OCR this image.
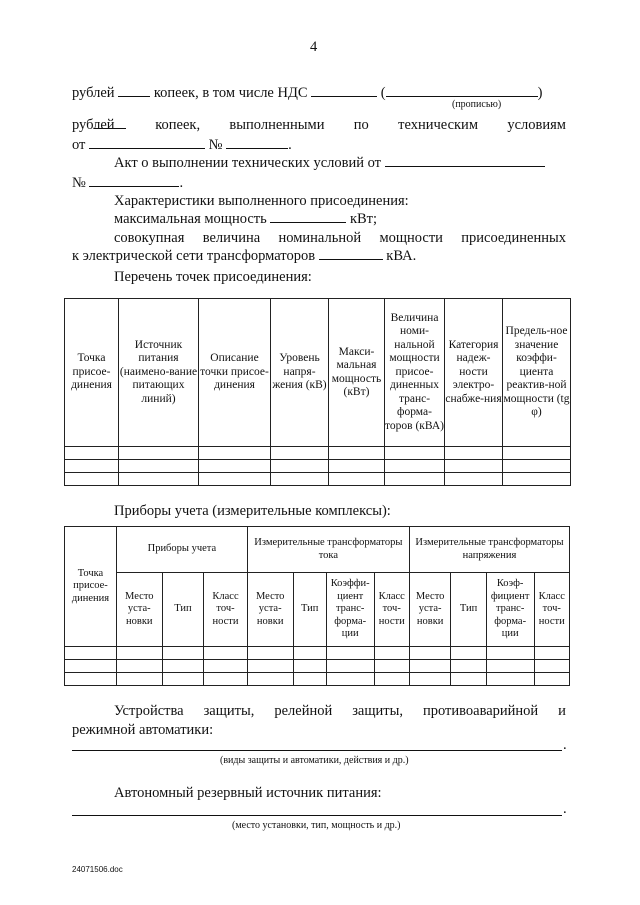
4
рублей	копеек, в том числе НДС	(	)
(прописью)
рублей	копеек, выполненными по техническим условиям
от	№	.
Акт о выполнении технических условий от
№	.
Характеристики выполненного присоединения:
максимальная мощность	кВт;
совокупная величина номинальной мощности присоединенных
к электрической сети трансформаторов	кВА.
Перечень точек присоединения:
Точка присое-динения	Источник питания (наимено-вание питающих линий)	Описание точки присое-динения	Уровень напря-жения (кВ)	Макси-мальная мощность (кВт)	Величина номи-нальной мощности присое-диненных транс-форма-торов (кВА)	Категория надеж-ности электро-снабже-ния	Предель-ное значение коэффи-циента реактив-ной мощности (tg φ)

Приборы учета (измерительные комплексы):
Точка присое-динения	Приборы учета			Измерительные трансформаторы тока				Измерительные трансформаторы напряжения			
	Место уста-новки	Тип	Класс точ-ности	Место уста-новки	Тип	Коэффи-циент транс-форма-ции	Класс точ-ности	Место уста-новки	Тип	Коэф-фициент транс-форма-ции	Класс точ-ности

Устройства защиты, релейной защиты, противоаварийной и
режимной автоматики:
.
(виды защиты и автоматики, действия и др.)
Автономный резервный источник питания:
.
(место установки, тип, мощность и др.)
24071506.doc
